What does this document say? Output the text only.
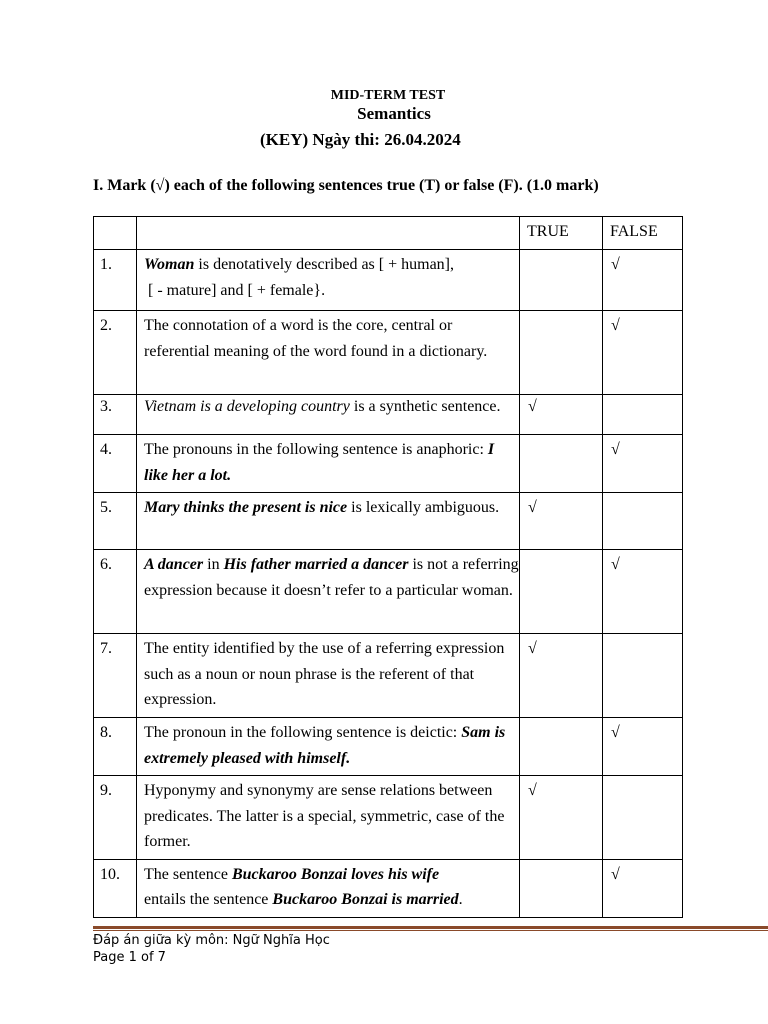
MID-TERM TEST
Semantics
(KEY) Ngày thi: 26.04.2024
I. Mark (√) each of the following sentences true (T) or false (F). (1.0 mark)
		TRUE	FALSE
1.	Woman is denotatively described as [ + human],
[ - mature] and [ + female}.		√
2.	The connotation of a word is the core, central or referential meaning of the word found in a dictionary.		√
3.	Vietnam is a developing country is a synthetic sentence.	√	
4.	The pronouns in the following sentence is anaphoric: I like her a lot.		√
5.	Mary thinks the present is nice is lexically ambiguous.	√	
6.	A dancer in His father married a dancer is not a referring expression because it doesn’t refer to a particular woman.		√
7.	The entity identified by the use of a referring expression such as a noun or noun phrase is the referent of that expression.	√	
8.	The pronoun in the following sentence is deictic: Sam is extremely pleased with himself.		√
9.	Hyponymy and synonymy are sense relations between predicates. The latter is a special, symmetric, case of the former.	√	
10.	The sentence Buckaroo Bonzai loves his wife
entails the sentence Buckaroo Bonzai is married.		√
Đáp án giữa kỳ môn: Ngữ Nghĩa Học
Page 1 of 7
